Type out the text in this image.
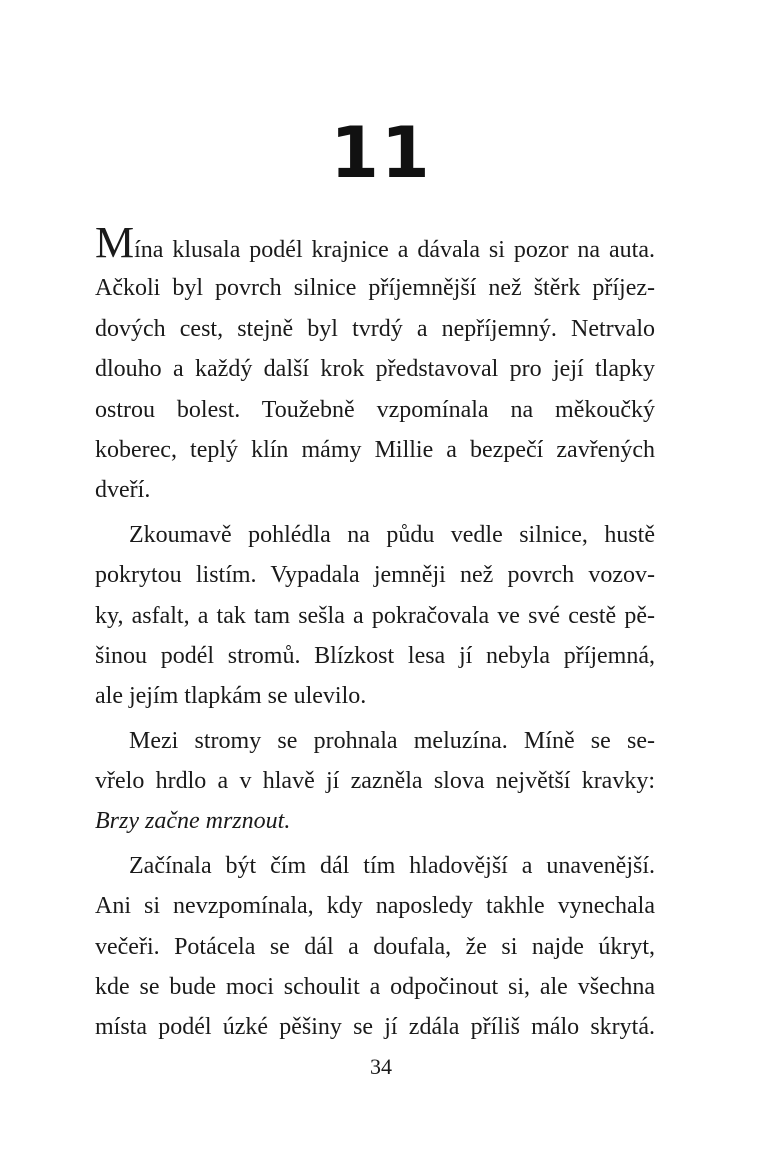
11
Mína klusala podél krajnice a dávala si pozor na auta.
Ačkoli byl povrch silnice příjemnější než štěrk příjez-
dových cest, stejně byl tvrdý a nepříjemný. Netrvalo
dlouho a každý další krok představoval pro její tlapky
ostrou bolest. Toužebně vzpomínala na měkoučký
koberec, teplý klín mámy Millie a bezpečí zavřených
dveří.
Zkoumavě pohlédla na půdu vedle silnice, hustě
pokrytou listím. Vypadala jemněji než povrch vozov-
ky, asfalt, a tak tam sešla a pokračovala ve své cestě pě-
šinou podél stromů. Blízkost lesa jí nebyla příjemná,
ale jejím tlapkám se ulevilo.
Mezi stromy se prohnala meluzína. Míně se se-
vřelo hrdlo a v hlavě jí zazněla slova největší kravky:
Brzy začne mrznout.
Začínala být čím dál tím hladovější a unavenější.
Ani si nevzpomínala, kdy naposledy takhle vynechala
večeři. Potácela se dál a doufala, že si najde úkryt,
kde se bude moci schoulit a odpočinout si, ale všechna
místa podél úzké pěšiny se jí zdála příliš málo skrytá.
34
